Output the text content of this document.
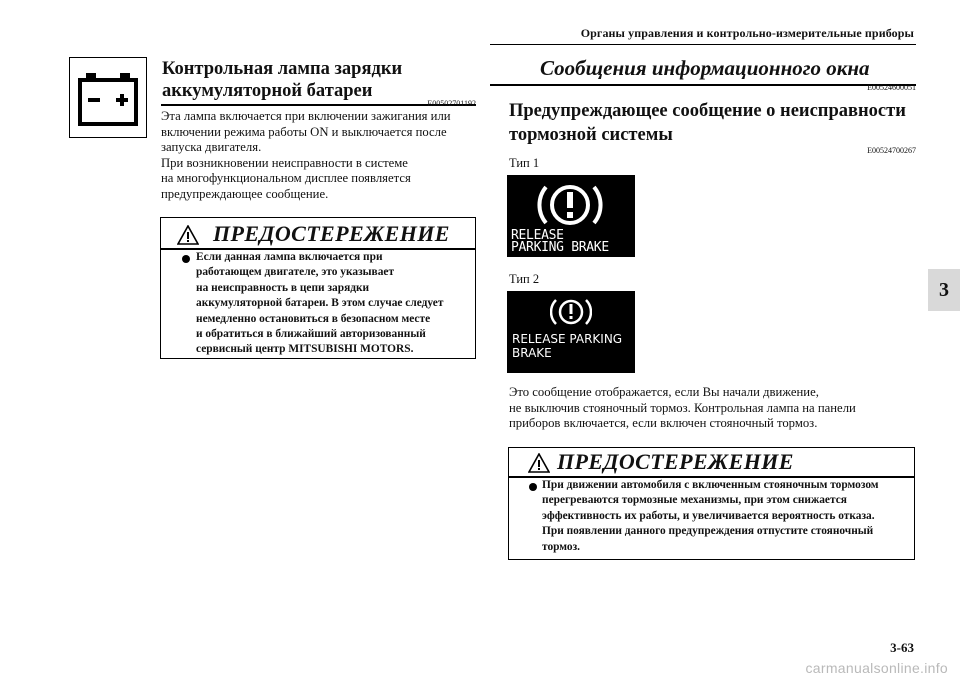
Органы управления и контрольно-измерительные приборы
3
Контрольная лампа зарядки
аккумуляторной батареи
E00502701192
Эта лампа включается при включении зажигания или
включении режима работы ON и выключается после
запуска двигателя.
При возникновении неисправности в системе
на многофункциональном дисплее появляется
предупреждающее сообщение.
ПРЕДОСТЕРЕЖЕНИЕ
Если данная лампа включается при
работающем двигателе, это указывает
на неисправность в цепи зарядки
аккумуляторной батареи. В этом случае следует
немедленно остановиться в безопасном месте
и обратиться в ближайший авторизованный
сервисный центр MITSUBISHI MOTORS.
Сообщения информационного окна
E00524600051
Предупреждающее сообщение о неисправности
тормозной системы
E00524700267
Тип 1
RELEASE
PARKING BRAKE
Тип 2
RELEASE PARKING
BRAKE
Это сообщение отображается, если Вы начали движение,
не выключив стояночный тормоз. Контрольная лампа на панели
приборов включается, если включен стояночный тормоз.
ПРЕДОСТЕРЕЖЕНИЕ
При движении автомобиля с включенным стояночным тормозом
перегреваются тормозные механизмы, при этом снижается
эффективность их работы, и увеличивается вероятность отказа.
При появлении данного предупреждения отпустите стояночный
тормоз.
3-63
carmanualsonline.info
